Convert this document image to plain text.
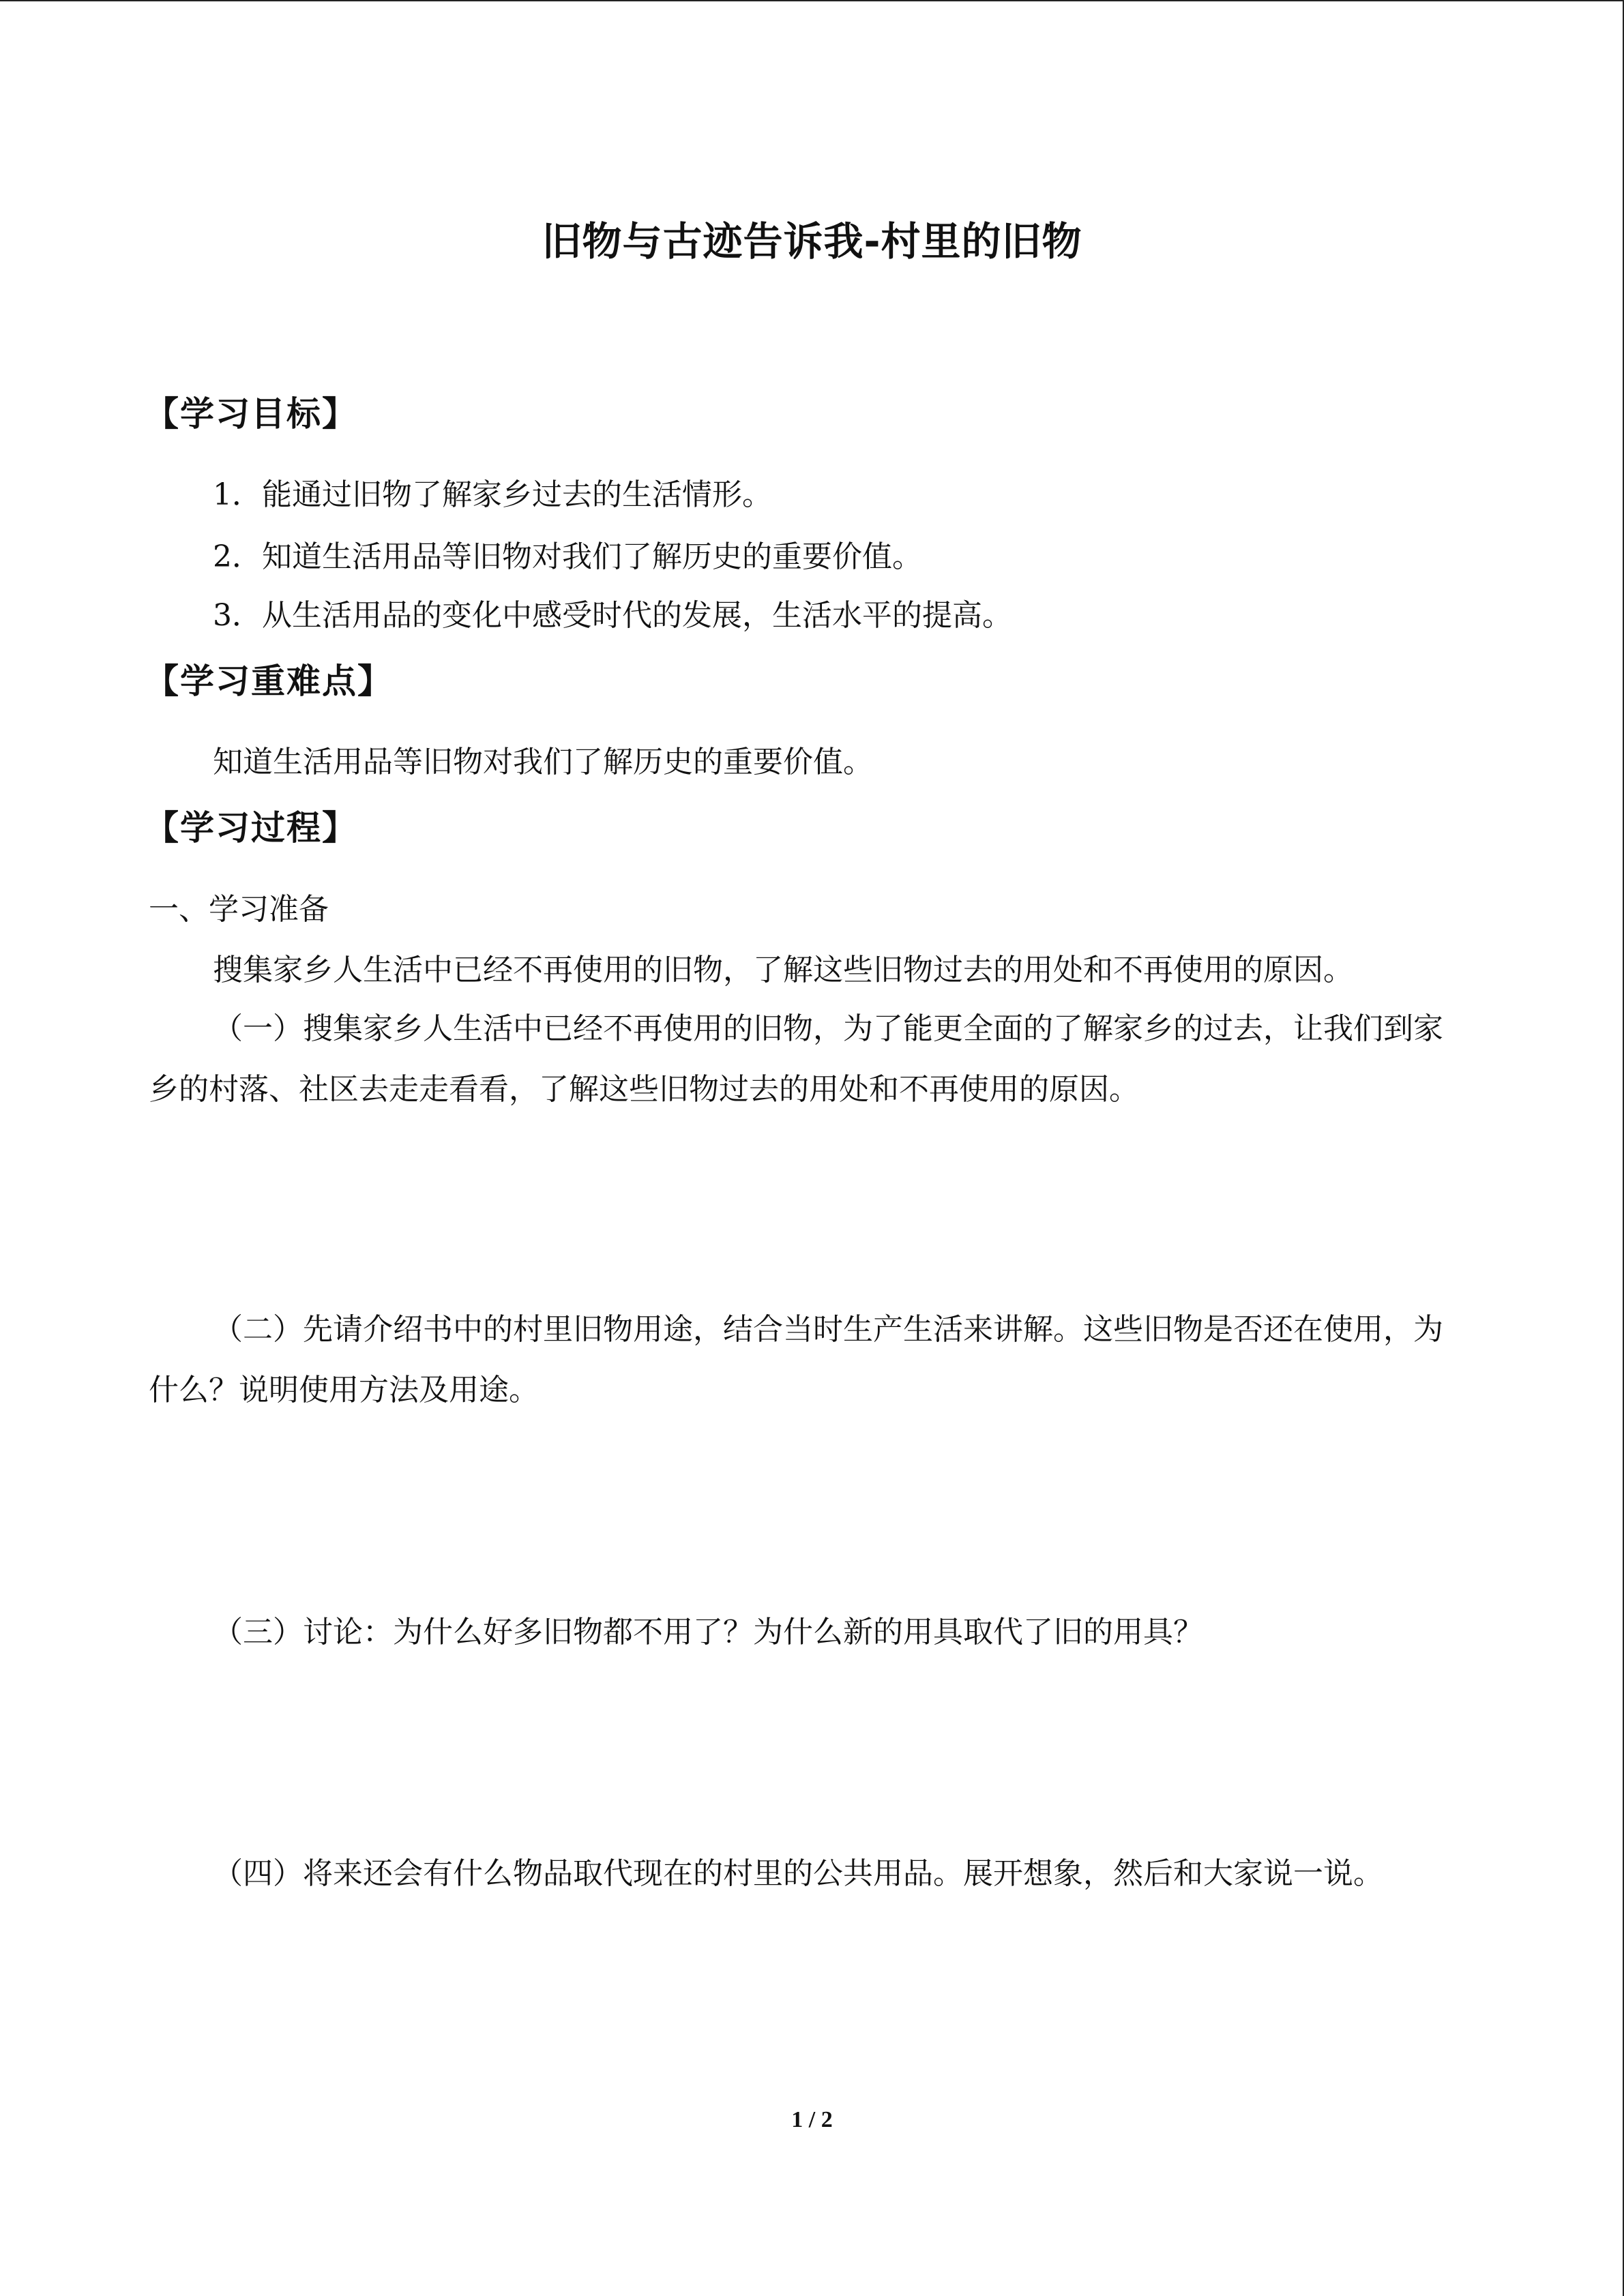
旧物与古迹告诉我-村里的旧物
【学习目标】
1．能通过旧物了解家乡过去的生活情形。
2．知道生活用品等旧物对我们了解历史的重要价值。
3．从生活用品的变化中感受时代的发展，生活水平的提高。
【学习重难点】
知道生活用品等旧物对我们了解历史的重要价值。
【学习过程】
一、学习准备
搜集家乡人生活中已经不再使用的旧物，了解这些旧物过去的用处和不再使用的原因。

（一）搜集家乡人生活中已经不再使用的旧物，为了能更全面的了解家乡的过去，让我们到家乡的村落、社区去走走看看，了解这些旧物过去的用处和不再使用的原因。

（二）先请介绍书中的村里旧物用途，结合当时生产生活来讲解。这些旧物是否还在使用，为什么？说明使用方法及用途。

（三）讨论：为什么好多旧物都不用了？为什么新的用具取代了旧的用具？

（四）将来还会有什么物品取代现在的村里的公共用品。展开想象，然后和大家说一说。

1 / 2
